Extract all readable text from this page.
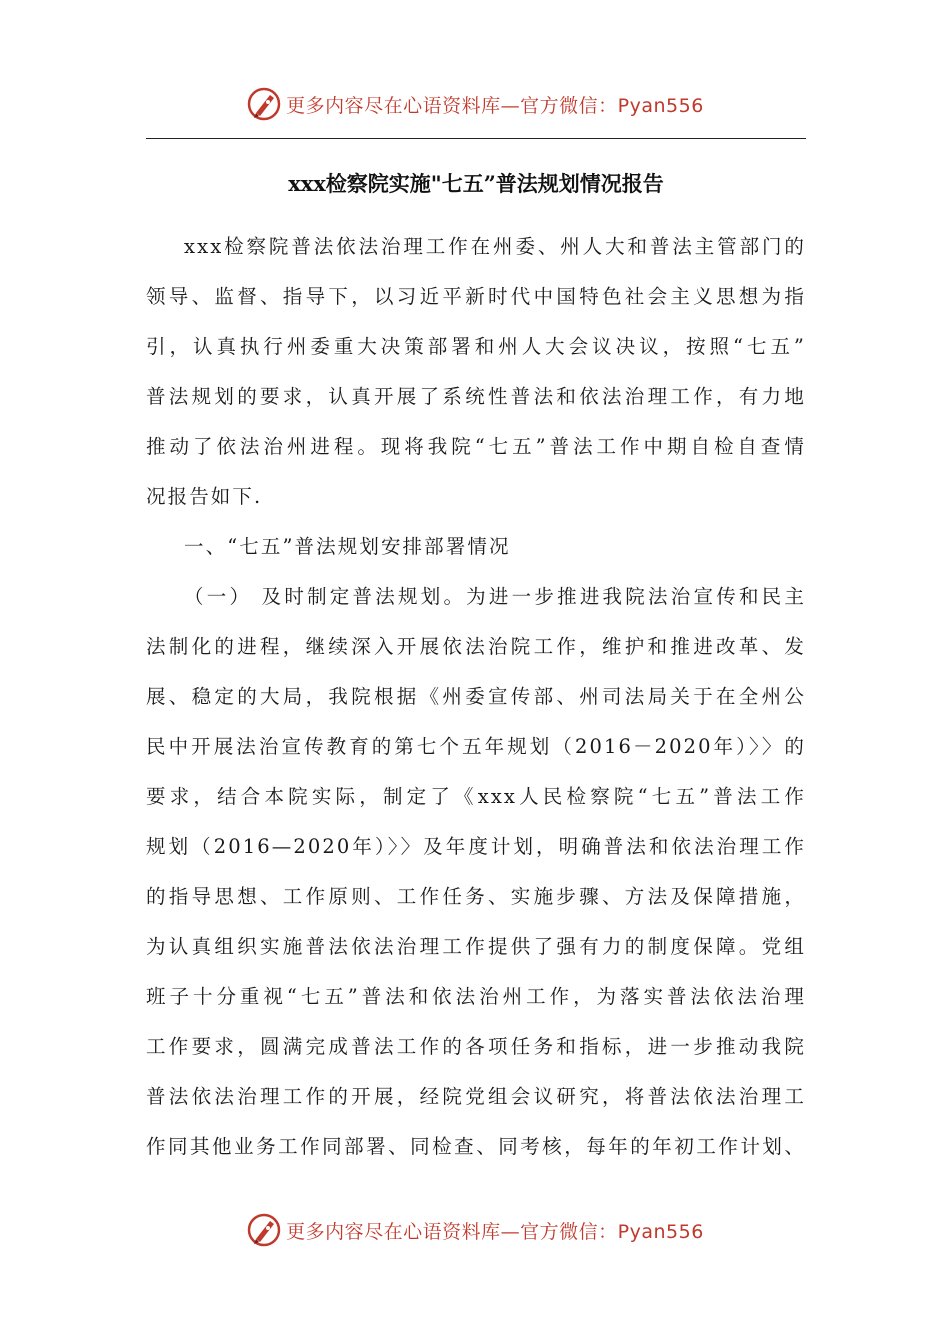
更多内容尽在心语资料库—官方微信：Pyan556
xxx检察院实施"七五”普法规划情况报告
xxx检察院普法依法治理工作在州委、州人大和普法主管部门的
领导、监督、指导下，以习近平新时代中国特色社会主义思想为指
引，认真执行州委重大决策部署和州人大会议决议，按照“七五”
普法规划的要求，认真开展了系统性普法和依法治理工作，有力地
推动了依法治州进程。现将我院“七五”普法工作中期自检自查情
况报告如下.
一、“七五”普法规划安排部署情况
（一） 及时制定普法规划。为进一步推进我院法治宣传和民主
法制化的进程，继续深入开展依法治院工作，维护和推进改革、发
展、稳定的大局，我院根据《州委宣传部、州司法局关于在全州公
民中开展法治宣传教育的第七个五年规划（2016－2020年）〉〉的
要求，结合本院实际，制定了《xxx人民检察院“七五”普法工作
规划（2016—2020年）〉〉及年度计划，明确普法和依法治理工作
的指导思想、工作原则、工作任务、实施步骤、方法及保障措施，
为认真组织实施普法依法治理工作提供了强有力的制度保障。党组
班子十分重视“七五”普法和依法治州工作，为落实普法依法治理
工作要求，圆满完成普法工作的各项任务和指标，进一步推动我院
普法依法治理工作的开展，经院党组会议研究，将普法依法治理工
作同其他业务工作同部署、同检查、同考核，每年的年初工作计划、
更多内容尽在心语资料库—官方微信：Pyan556
